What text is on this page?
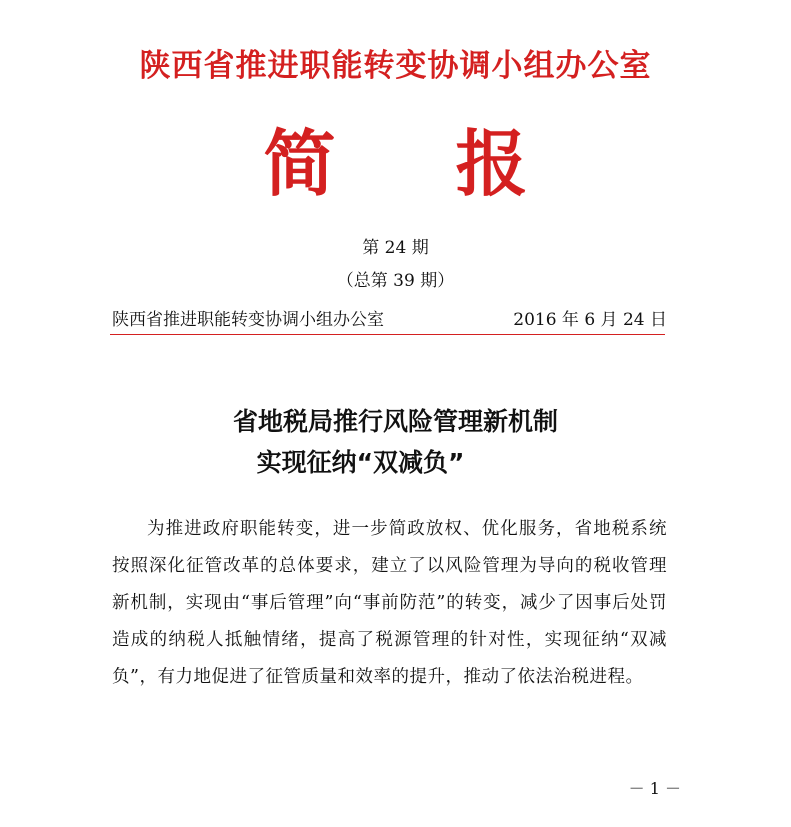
陕西省推进职能转变协调小组办公室
简 报
第 24 期
（总第 39 期）
陕西省推进职能转变协调小组办公室	2016 年 6 月 24 日
省地税局推行风险管理新机制
实现征纳“双减负”
为推进政府职能转变，进一步简政放权、优化服务，省地税系统按照深化征管改革的总体要求，建立了以风险管理为导向的税收管理新机制，实现由“事后管理”向“事前防范”的转变，减少了因事后处罚造成的纳税人抵触情绪，提高了税源管理的针对性，实现征纳“双减负”，有力地促进了征管质量和效率的提升，推动了依法治税进程。
－ 1 －
